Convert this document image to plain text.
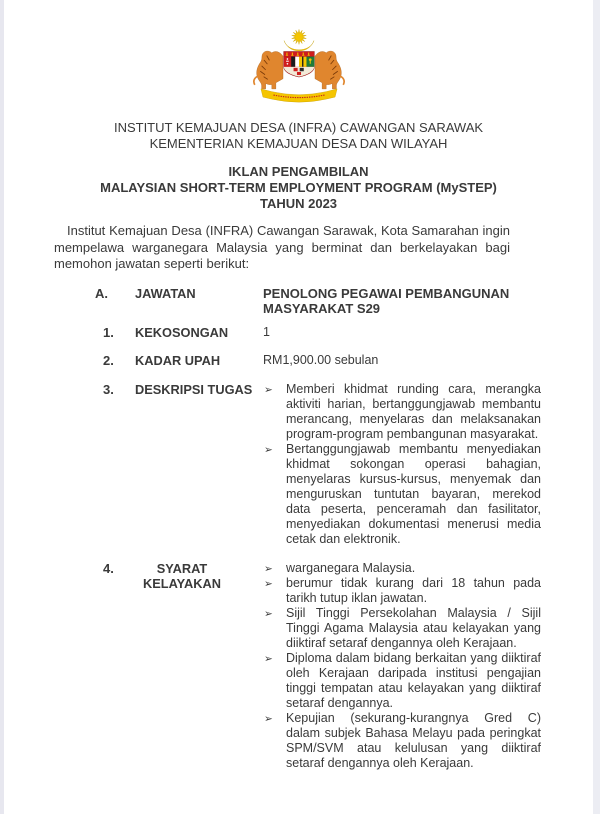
INSTITUT KEMAJUAN DESA (INFRA) CAWANGAN SARAWAK
KEMENTERIAN KEMAJUAN DESA DAN WILAYAH
IKLAN PENGAMBILAN
MALAYSIAN SHORT-TERM EMPLOYMENT PROGRAM (MySTEP)
TAHUN 2023

Institut Kemajuan Desa (INFRA) Cawangan Sarawak, Kota Samarahan ingin mempelawa warganegara Malaysia yang berminat dan berkelayakan bagi memohon jawatan seperti berikut:

A.	JAWATAN	PENOLONG PEGAWAI PEMBANGUNAN MASYARAKAT S29
1.	KEKOSONGAN	1
2.	KADAR UPAH	RM1,900.00 sebulan
3.	DESKRIPSI TUGAS	➢ Memberi khidmat runding cara, merangka aktiviti harian, bertanggungjawab membantu merancang, menyelaras dan melaksanakan program-program pembangunan masyarakat.
➢ Bertanggungjawab membantu menyediakan khidmat sokongan operasi bahagian, menyelaras kursus-kursus, menyemak dan menguruskan tuntutan bayaran, merekod data peserta, penceramah dan fasilitator, menyediakan dokumentasi menerusi media cetak dan elektronik.
4.	SYARAT KELAYAKAN
➢ warganegara Malaysia.
➢ berumur tidak kurang dari 18 tahun pada tarikh tutup iklan jawatan.
➢ Sijil Tinggi Persekolahan Malaysia / Sijil Tinggi Agama Malaysia atau kelayakan yang diiktiraf setaraf dengannya oleh Kerajaan.
➢ Diploma dalam bidang berkaitan yang diiktiraf oleh Kerajaan daripada institusi pengajian tinggi tempatan atau kelayakan yang diiktiraf setaraf dengannya.
➢ Kepujian (sekurang-kurangnya Gred C) dalam subjek Bahasa Melayu pada peringkat SPM/SVM atau kelulusan yang diiktiraf setaraf dengannya oleh Kerajaan.
